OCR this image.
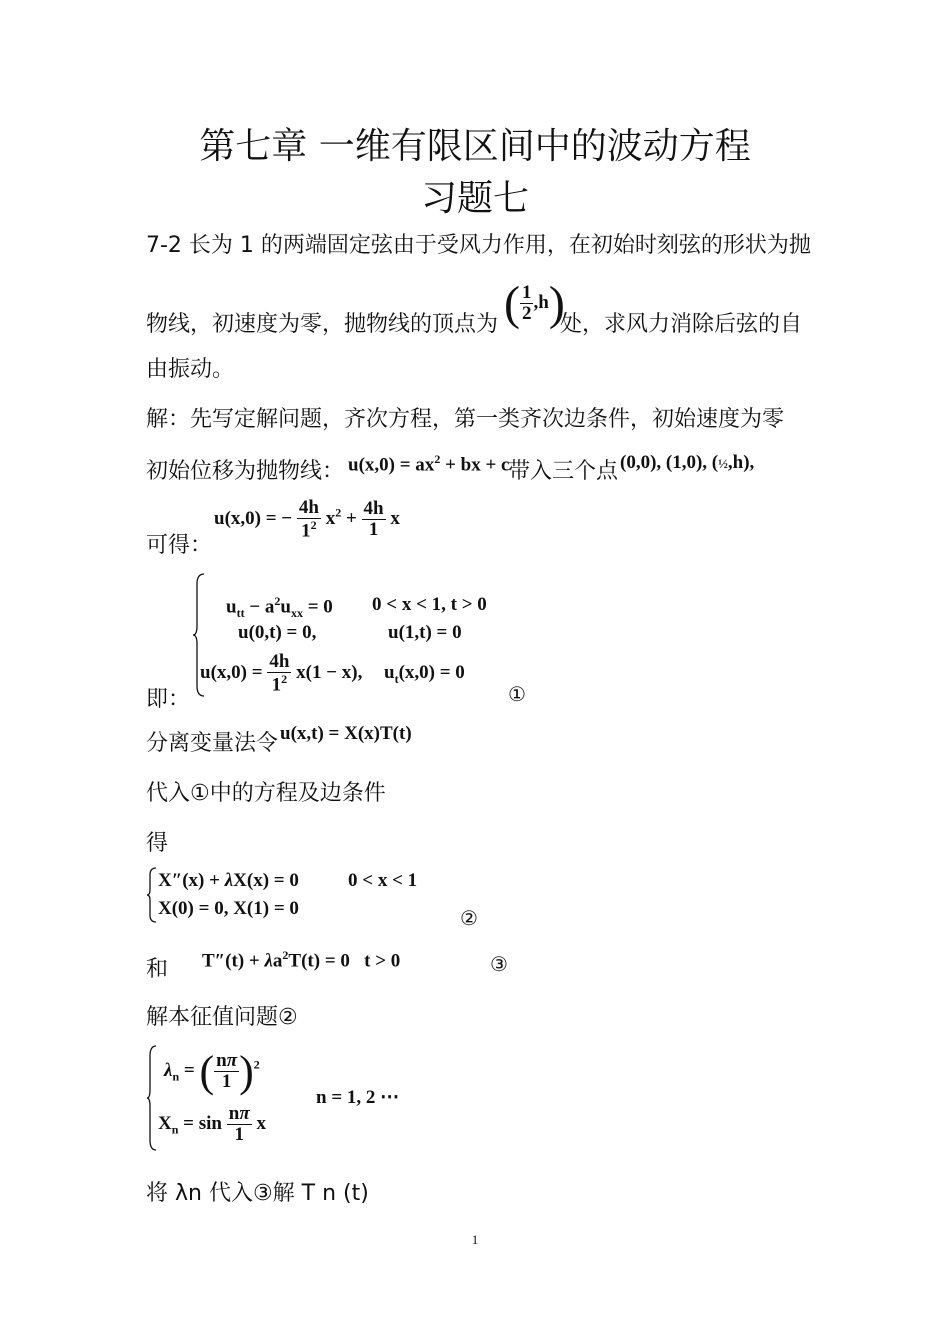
第七章 一维有限区间中的波动方程
习题七
7-2 长为 1 的两端固定弦由于受风力作用，在初始时刻弦的形状为抛
物线，初速度为零，抛物线的顶点为 ( $\frac{1}{2} ,h$)
处，求风力消除后弦的自
由振动。
解：先写定解问题，齐次方程，第一类齐次边条件，初始速度为零
初始位移为抛物线： $u(x,0) = ax^2$ + bx + c
带入三个点 (0,0), (1,0), (½,h),
可得：
u(x,0) = − $\frac{4h}{1^2} x^2 + \frac{4h}{1}$ x
$u_{tt} - a^2u_{xx} = 0$ 0 < x < 1, t > 0
u(0,t) = 0,	u(1,t) = 0
$u(x,0) = \frac{4h}{1^2} x(1 - x)$, $u_t(x,0) = 0$
即：	①
分离变量法令 u(x,t) = X(x)T(t)
代入①中的方程及边条件
得
X″(x) + λX(x) = 0	0 < x < 1
X(0) = 0, X(1) = 0	②
和 $T''(t) + \lambda a^2T(t) = 0$   t > 0	③
解本征值问题②
$\lambda_n$ = ( $\frac{n\pi}{1} )^2$
n = 1, 2 ⋯
$X_n = \sin \frac{n\pi}{1}$ x
将 λn 代入③解 T n (t)
1
